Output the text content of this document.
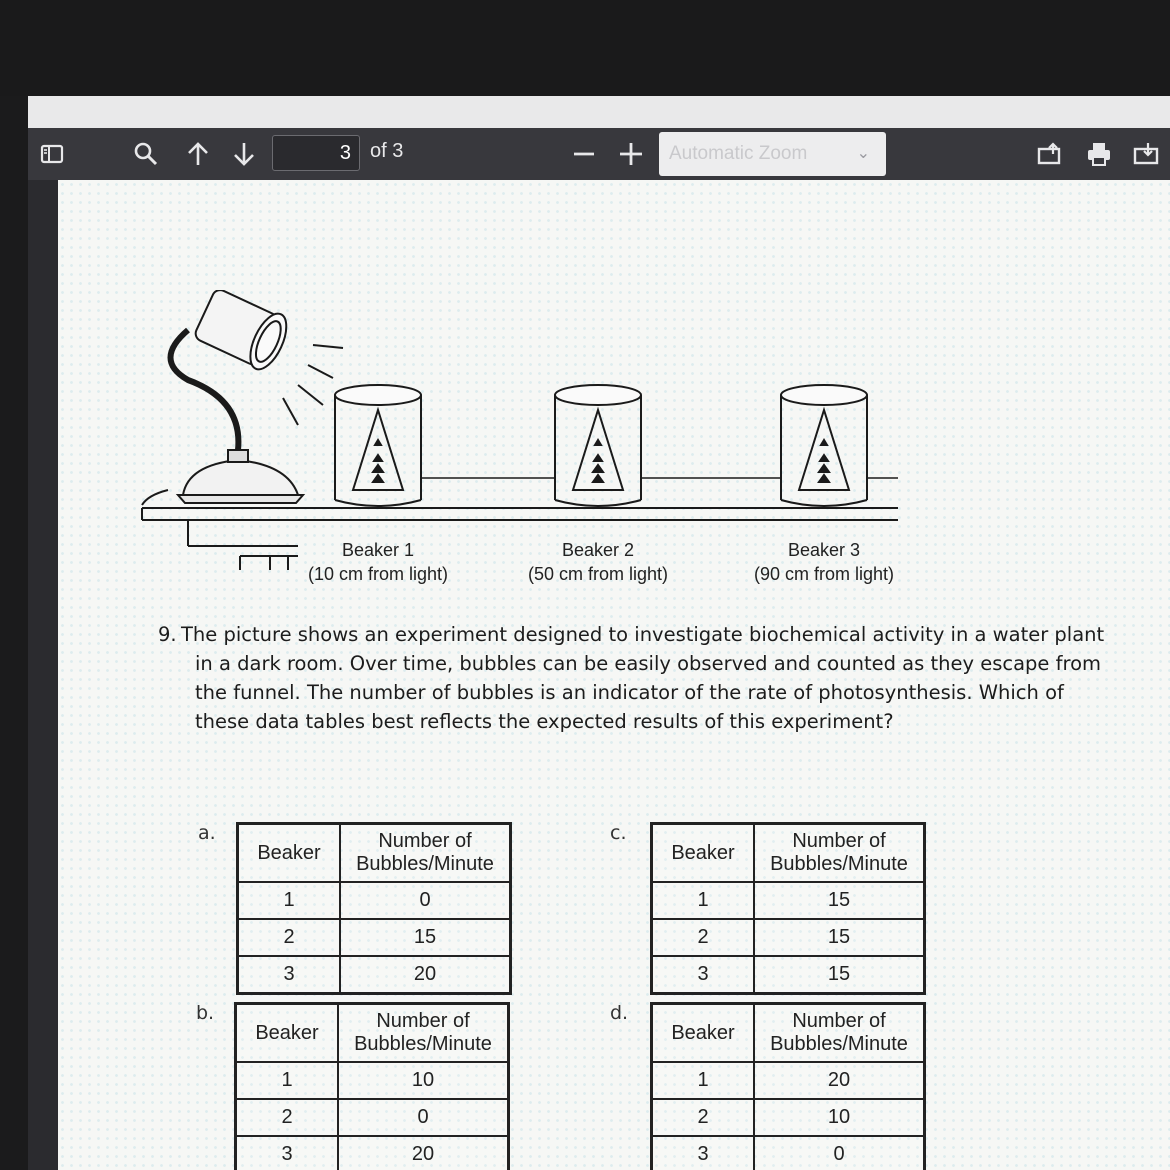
3 of 3	Automatic Zoom	⌄
Beaker 1
(10 cm from light)
Beaker 2
(50 cm from light)
Beaker 3
(90 cm from light)
9. The picture shows an experiment designed to investigate biochemical activity in a water plant in a dark room. Over time, bubbles can be easily observed and counted as they escape from the funnel. The number of bubbles is an indicator of the rate of photosynthesis. Which of these data tables best reflects the expected results of this experiment?
a.
Beaker	Number of Bubbles/Minute
1	0
2	15
3	20
c.
Beaker	Number of Bubbles/Minute
1	15
2	15
3	15
b.
Beaker	Number of Bubbles/Minute
1	10
2	0
3	20
d.
Beaker	Number of Bubbles/Minute
1	20
2	10
3	0
